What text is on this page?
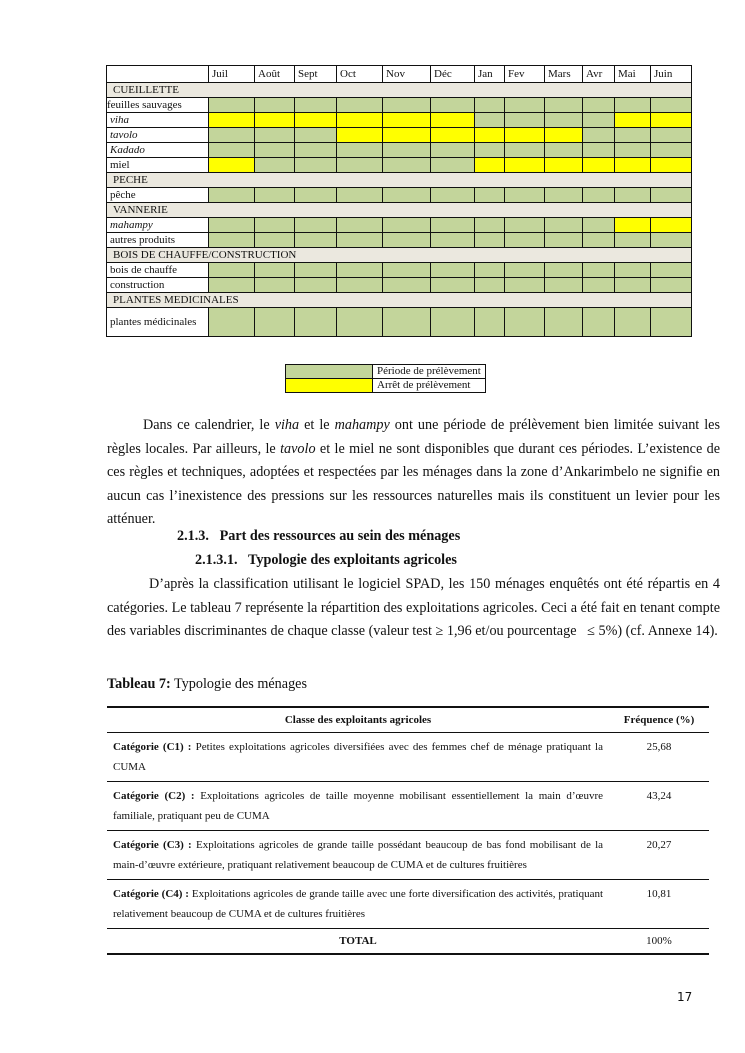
	Juil	Août	Sept	Oct	Nov	Déc	Jan	Fev	Mars	Avr	Mai	Juin
CUEILLETTE												
feuilles sauvages												
viha												
tavolo												
Kadado												
miel												
PECHE												
pêche												
VANNERIE												
mahampy												
autres produits												
BOIS DE CHAUFFE/CONSTRUCTION												
bois de chauffe												
construction												
PLANTES MEDICINALES												
plantes médicinales												
	Période de prélèvement
	Arrêt de prélèvement

Dans ce calendrier, le viha et le mahampy ont une période de prélèvement bien limitée suivant les règles locales. Par ailleurs, le tavolo et le miel ne sont disponibles que durant ces périodes. L’existence de ces règles et techniques, adoptées et respectées par les ménages dans la zone d’Ankarimbelo ne signifie en aucun cas l’inexistence des pressions sur les ressources naturelles mais ils constituent un levier pour les atténuer.

2.1.3.   Part des ressources au sein des ménages

2.1.3.1.   Typologie des exploitants agricoles

D’après la classification utilisant le logiciel SPAD, les 150 ménages enquêtés ont été répartis en 4 catégories. Le tableau 7 représente la répartition des exploitations agricoles. Ceci a été fait en tenant compte des variables discriminantes de chaque classe (valeur test ≥ 1,96 et/ou pourcentage   ≤ 5%) (cf. Annexe 14).

Tableau 7: Typologie des ménages

Classe des exploitants agricoles	Fréquence (%)
Catégorie (C1) : Petites exploitations agricoles diversifiées avec des femmes chef de ménage pratiquant la CUMA	25,68
Catégorie (C2) : Exploitations agricoles de taille moyenne mobilisant essentiellement la main d’œuvre familiale, pratiquant peu de CUMA	43,24
Catégorie (C3) : Exploitations agricoles de grande taille possédant beaucoup de bas fond mobilisant de la main-d’œuvre extérieure, pratiquant relativement beaucoup de CUMA et de cultures fruitières	20,27
Catégorie (C4) : Exploitations agricoles de grande taille avec une forte diversification des activités, pratiquant relativement beaucoup de CUMA et de cultures fruitières	10,81
TOTAL	100%
17
